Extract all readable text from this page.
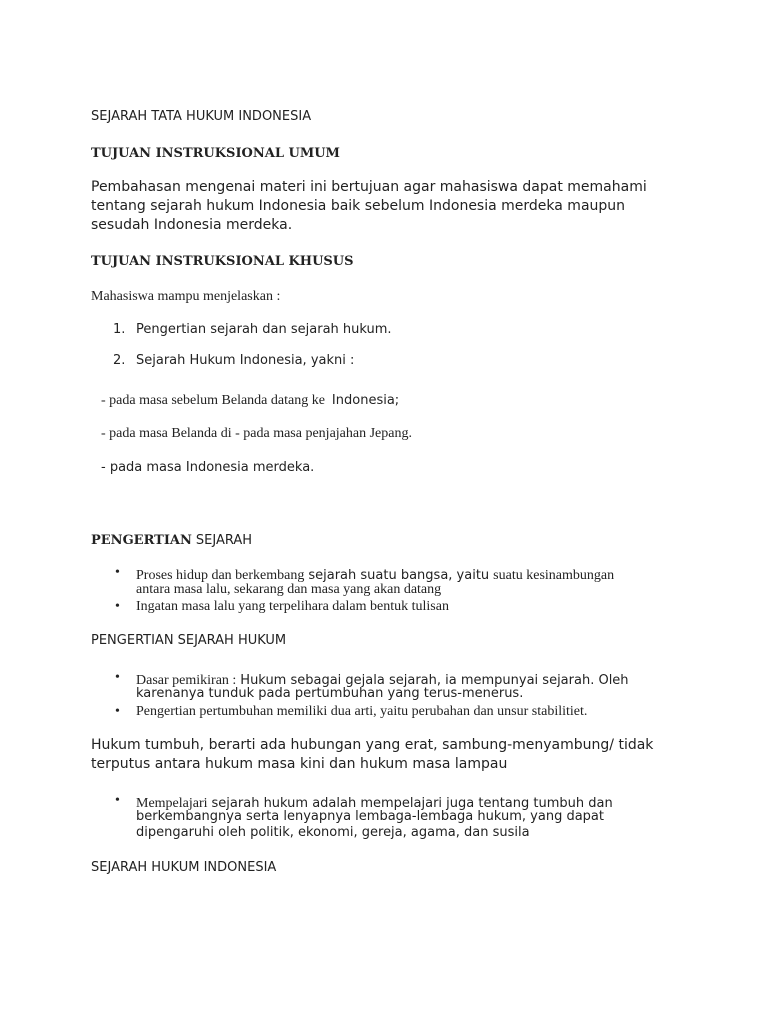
SEJARAH TATA HUKUM INDONESIA
TUJUAN INSTRUKSIONAL UMUM
Pembahasan mengenai materi ini bertujuan agar mahasiswa dapat memahami
tentang sejarah hukum Indonesia baik sebelum Indonesia merdeka maupun
sesudah Indonesia merdeka.
TUJUAN INSTRUKSIONAL KHUSUS
Mahasiswa mampu menjelaskan :
1. Pengertian sejarah dan sejarah hukum.
2. Sejarah Hukum Indonesia, yakni :
- pada masa sebelum Belanda datang ke Indonesia;
- pada masa Belanda di - pada masa penjajahan Jepang.
- pada masa Indonesia merdeka.
PENGERTIAN SEJARAH
• Proses hidup dan berkembang sejarah suatu bangsa, yaitu suatu kesinambungan
antara masa lalu, sekarang dan masa yang akan datang
• Ingatan masa lalu yang terpelihara dalam bentuk tulisan
PENGERTIAN SEJARAH HUKUM
• Dasar pemikiran : Hukum sebagai gejala sejarah, ia mempunyai sejarah. Oleh
karenanya tunduk pada pertumbuhan yang terus-menerus.
• Pengertian pertumbuhan memiliki dua arti, yaitu perubahan dan unsur stabilitiet.
Hukum tumbuh, berarti ada hubungan yang erat, sambung-menyambung/ tidak
terputus antara hukum masa kini dan hukum masa lampau
• Mempelajari sejarah hukum adalah mempelajari juga tentang tumbuh dan
berkembangnya serta lenyapnya lembaga-lembaga hukum, yang dapat
dipengaruhi oleh politik, ekonomi, gereja, agama, dan susila
SEJARAH HUKUM INDONESIA
